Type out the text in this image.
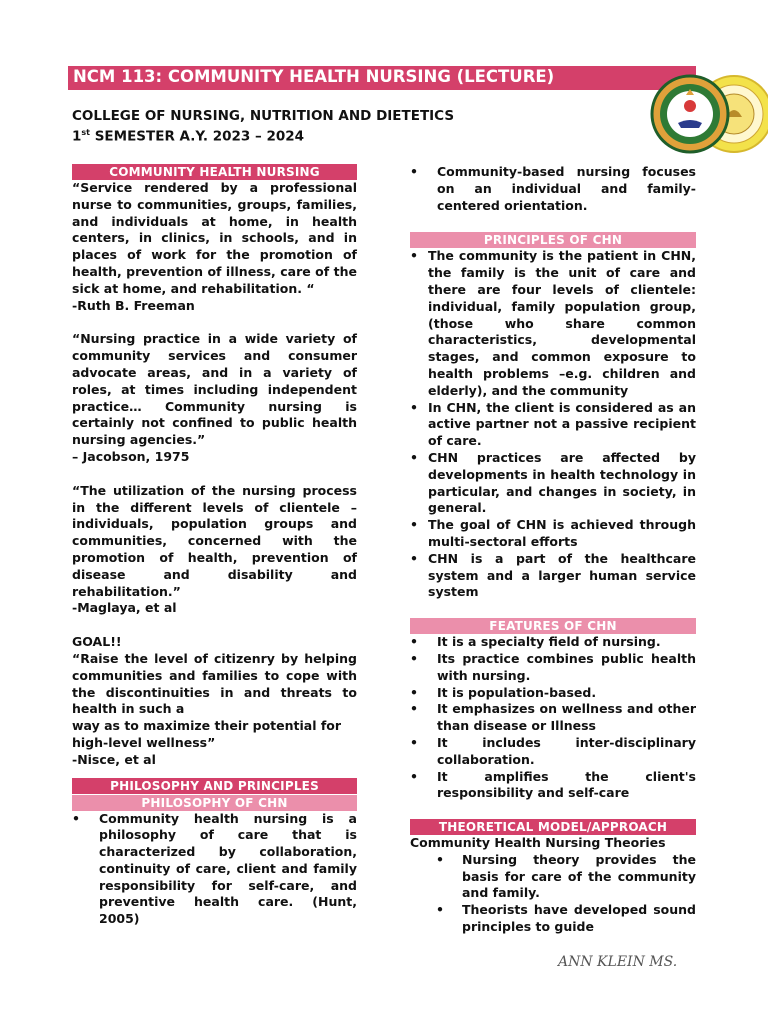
NCM 113: COMMUNITY HEALTH NURSING (LECTURE)
COLLEGE OF NURSING, NUTRITION AND DIETETICS
1st SEMESTER A.Y. 2023 – 2024
COMMUNITY HEALTH NURSING

“Service rendered by a professional nurse to communities, groups, families, and individuals at home, in health centers, in clinics, in schools, and in places of work for the promotion of health, prevention of illness, care of the sick at home, and rehabilitation. “

-Ruth B. Freeman

“Nursing practice in a wide variety of community services and consumer advocate areas, and in a variety of roles, at times including independent practice… Community nursing is certainly not confined to public health nursing agencies.”

– Jacobson, 1975

“The utilization of the nursing process in the different levels of clientele – individuals, population groups and communities, concerned with the promotion of health, prevention of disease and disability and rehabilitation.”

-Maglaya, et al

GOAL!!

“Raise the level of citizenry by helping communities and families to cope with the discontinuities in and threats to health in such a

way as to maximize their potential for high-level wellness”

-Nisce, et al

PHILOSOPHY AND PRINCIPLES
PHILOSOPHY OF CHN
•	Community health nursing is a philosophy of care that is characterized by collaboration, continuity of care, client and family responsibility for self-care, and preventive health care. (Hunt, 2005)
•	Community-based nursing focuses on an individual and family-centered orientation.
PRINCIPLES OF CHN
• The community is the patient in CHN, the family is the unit of care and there are four levels of clientele: individual, family population group, (those who share common characteristics, developmental stages, and common exposure to health problems –e.g. children and elderly), and the community
• In CHN, the client is considered as an active partner not a passive recipient of care.
• CHN practices are affected by developments in health technology in particular, and changes in society, in general.
• The goal of CHN is achieved through multi-sectoral efforts
• CHN is a part of the healthcare system and a larger human service system
FEATURES OF CHN
•	It is a specialty field of nursing.
•	Its practice combines public health with nursing.
•	It is population-based.
•	It emphasizes on wellness and other than disease or Illness
•	It includes inter-disciplinary collaboration.
•	It amplifies the client's responsibility and self-care
THEORETICAL MODEL/APPROACH

Community Health Nursing Theories

•	Nursing theory provides the basis for care of the community and family.
•	Theorists have developed sound principles to guide
ANN KLEIN MS.
